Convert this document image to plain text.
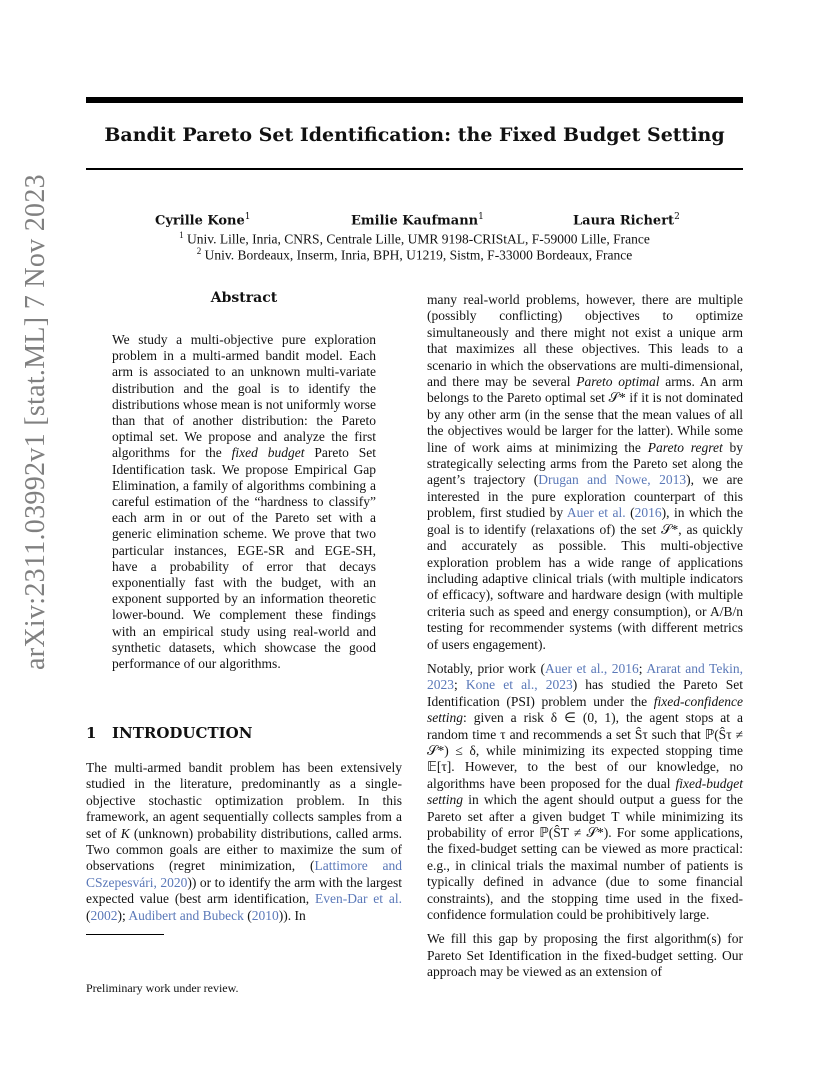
arXiv:2311.03992v1 [stat.ML] 7 Nov 2023
Bandit Pareto Set Identification: the Fixed Budget Setting
Cyrille Kone$^1$	Emilie Kaufmann$^1$	Laura Richert$^2$
$^1$ Univ. Lille, Inria, CNRS, Centrale Lille, UMR 9198-CRIStAL, F-59000 Lille, France
$^2$ Univ. Bordeaux, Inserm, Inria, BPH, U1219, Sistm, F-33000 Bordeaux, France
Abstract
We study a multi-objective pure exploration problem in a multi-armed bandit model. Each arm is associated to an unknown multi-variate distribution and the goal is to identify the distributions whose mean is not uniformly worse than that of another distribution: the Pareto optimal set. We propose and analyze the first algorithms for the fixed budget Pareto Set Identification task. We propose Empirical Gap Elimination, a family of algorithms combining a careful estimation of the “hardness to classify” each arm in or out of the Pareto set with a generic elimination scheme. We prove that two particular instances, EGE-SR and EGE-SH, have a probability of error that decays exponentially fast with the budget, with an exponent supported by an information theoretic lower-bound. We complement these findings with an empirical study using real-world and synthetic datasets, which showcase the good performance of our algorithms.
1 INTRODUCTION
The multi-armed bandit problem has been extensively studied in the literature, predominantly as a single-objective stochastic optimization problem. In this framework, an agent sequentially collects samples from a set of K (unknown) probability distributions, called arms. Two common goals are either to maximize the sum of observations (regret minimization, (Lattimore and CSzepesvári, 2020)) or to identify the arm with the largest expected value (best arm identification, Even-Dar et al. (2002); Audibert and Bubeck (2010)). In

many real-world problems, however, there are multiple (possibly conflicting) objectives to optimize simultaneously and there might not exist a unique arm that maximizes all these objectives. This leads to a scenario in which the observations are multi-dimensional, and there may be several Pareto optimal arms. An arm belongs to the Pareto optimal set 𝒮* if it is not dominated by any other arm (in the sense that the mean values of all the objectives would be larger for the latter). While some line of work aims at minimizing the Pareto regret by strategically selecting arms from the Pareto set along the agent’s trajectory (Drugan and Nowe, 2013), we are interested in the pure exploration counterpart of this problem, first studied by Auer et al. (2016), in which the goal is to identify (relaxations of) the set 𝒮*, as quickly and accurately as possible. This multi-objective exploration problem has a wide range of applications including adaptive clinical trials (with multiple indicators of efficacy), software and hardware design (with multiple criteria such as speed and energy consumption), or A/B/n testing for recommender systems (with different metrics of users engagement).

Notably, prior work (Auer et al., 2016; Ararat and Tekin, 2023; Kone et al., 2023) has studied the Pareto Set Identification (PSI) problem under the fixed-confidence setting: given a risk δ ∈ (0, 1), the agent stops at a random time τ and recommends a set Ŝτ such that ℙ(Ŝτ ≠ 𝒮*) ≤ δ, while minimizing its expected stopping time 𝔼[τ]. However, to the best of our knowledge, no algorithms have been proposed for the dual fixed-budget setting in which the agent should output a guess for the Pareto set after a given budget T while minimizing its probability of error ℙ(ŜT ≠ 𝒮*). For some applications, the fixed-budget setting can be viewed as more practical: e.g., in clinical trials the maximal number of patients is typically defined in advance (due to some financial constraints), and the stopping time used in the fixed-confidence formulation could be prohibitively large.

We fill this gap by proposing the first algorithm(s) for Pareto Set Identification in the fixed-budget setting. Our approach may be viewed as an extension of

Preliminary work under review.
